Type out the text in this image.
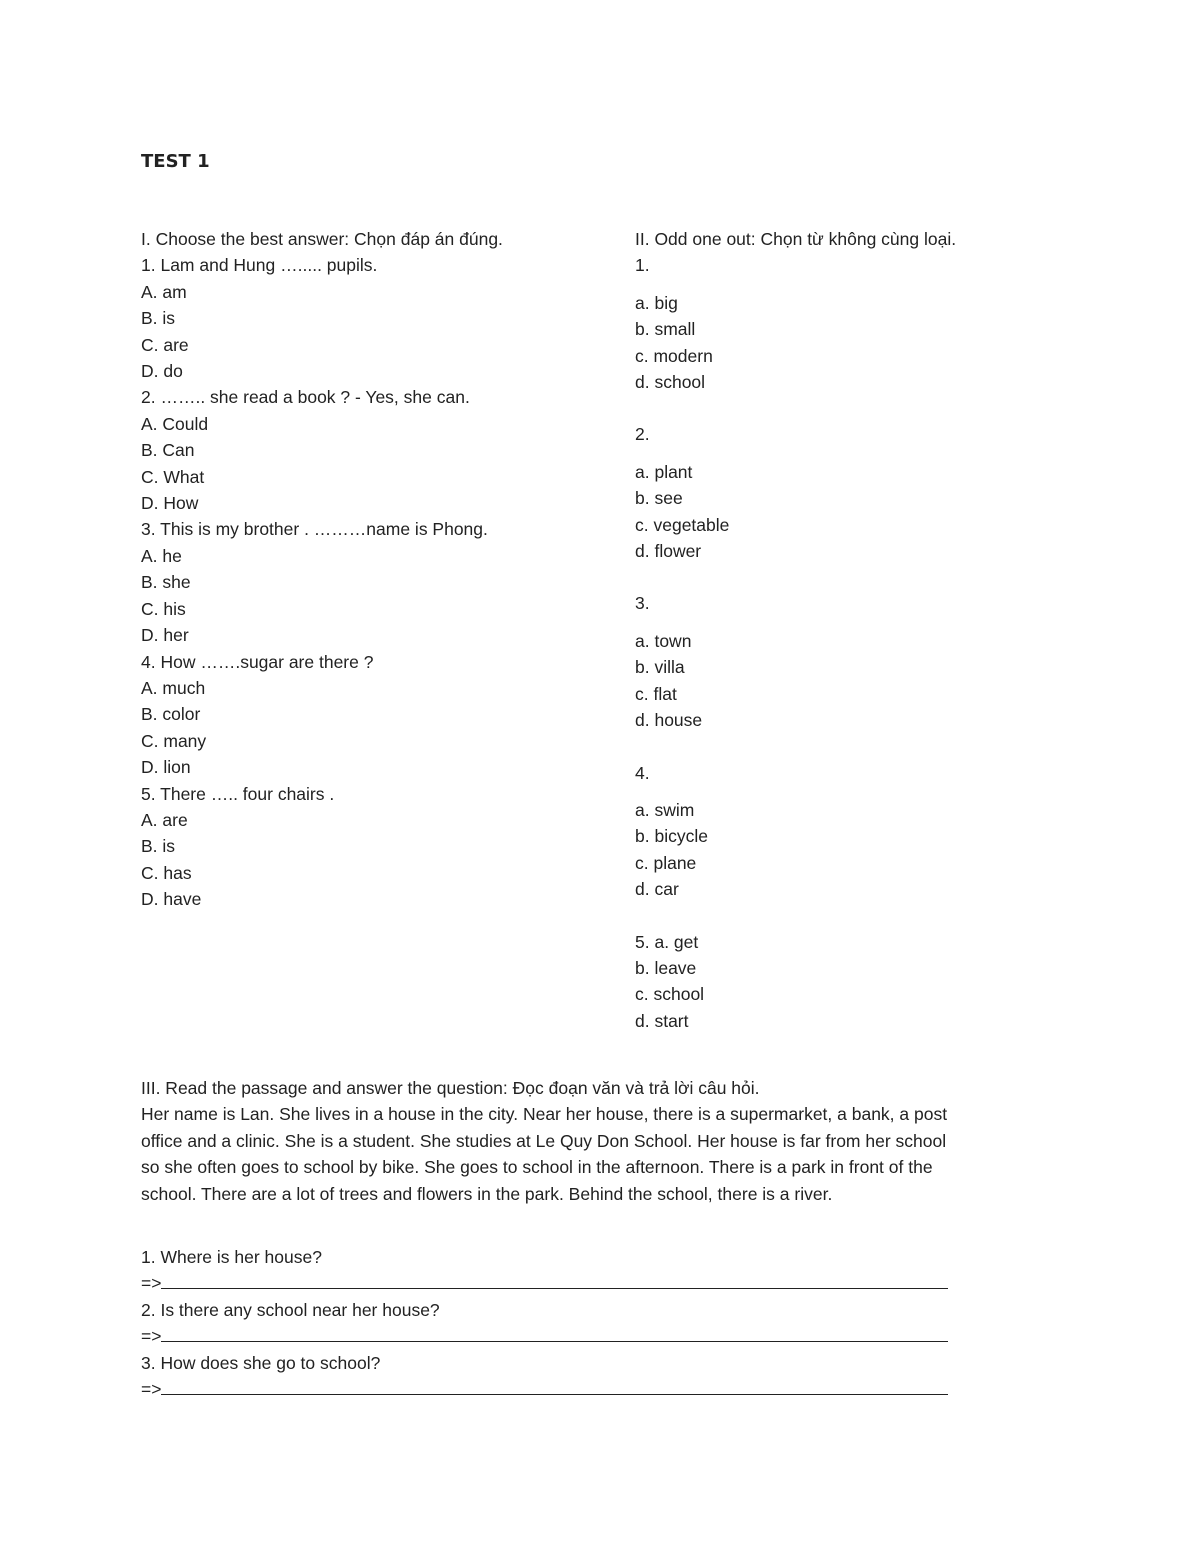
TEST 1

I. Choose the best answer: Chọn đáp án đúng.

1. Lam and Hung …..... pupils.

A. am

B. is

C. are

D. do

2. …….. she read a book ? - Yes, she can.

A. Could

B. Can

C. What

D. How

3. This is my brother . ………name is Phong.

A. he

B. she

C. his

D. her

4. How …….sugar are there ?

A. much

B. color

C. many

D. lion

5. There ….. four chairs .

A. are

B. is

C. has

D. have

II. Odd one out: Chọn từ không cùng loại.

1.

a. big

b. small

c. modern

d. school

2.

a. plant

b. see

c. vegetable

d. flower

3.

a. town

b. villa

c. flat

d. house

4.

a. swim

b. bicycle

c. plane

d. car

5. a. get

b. leave

c. school

d. start

III. Read the passage and answer the question: Đọc đoạn văn và trả lời câu hỏi.

Her name is Lan. She lives in a house in the city. Near her house, there is a supermarket, a bank, a post office and a clinic. She is a student. She studies at Le Quy Don School. Her house is far from her school so she often goes to school by bike. She goes to school in the afternoon. There is a park in front of the school. There are a lot of trees and flowers in the park. Behind the school, there is a river.

1. Where is her house?

=>

2. Is there any school near her house?

=>

3. How does she go to school?

=>
